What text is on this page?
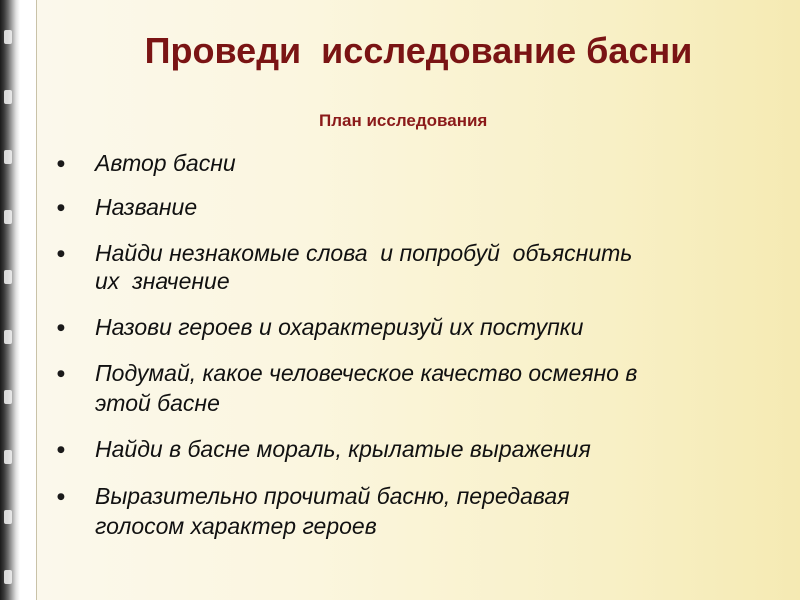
Проведи  исследование басни

План исследования

● Автор басни
● Название
● Найди незнакомые слова  и попробуй  объяснить
их  значение
● Назови героев и охарактеризуй их поступки
● Подумай, какое человеческое качество осмеяно в
этой басне
● Найди в басне мораль, крылатые выражения
● Выразительно прочитай басню, передавая
голосом характер героев
